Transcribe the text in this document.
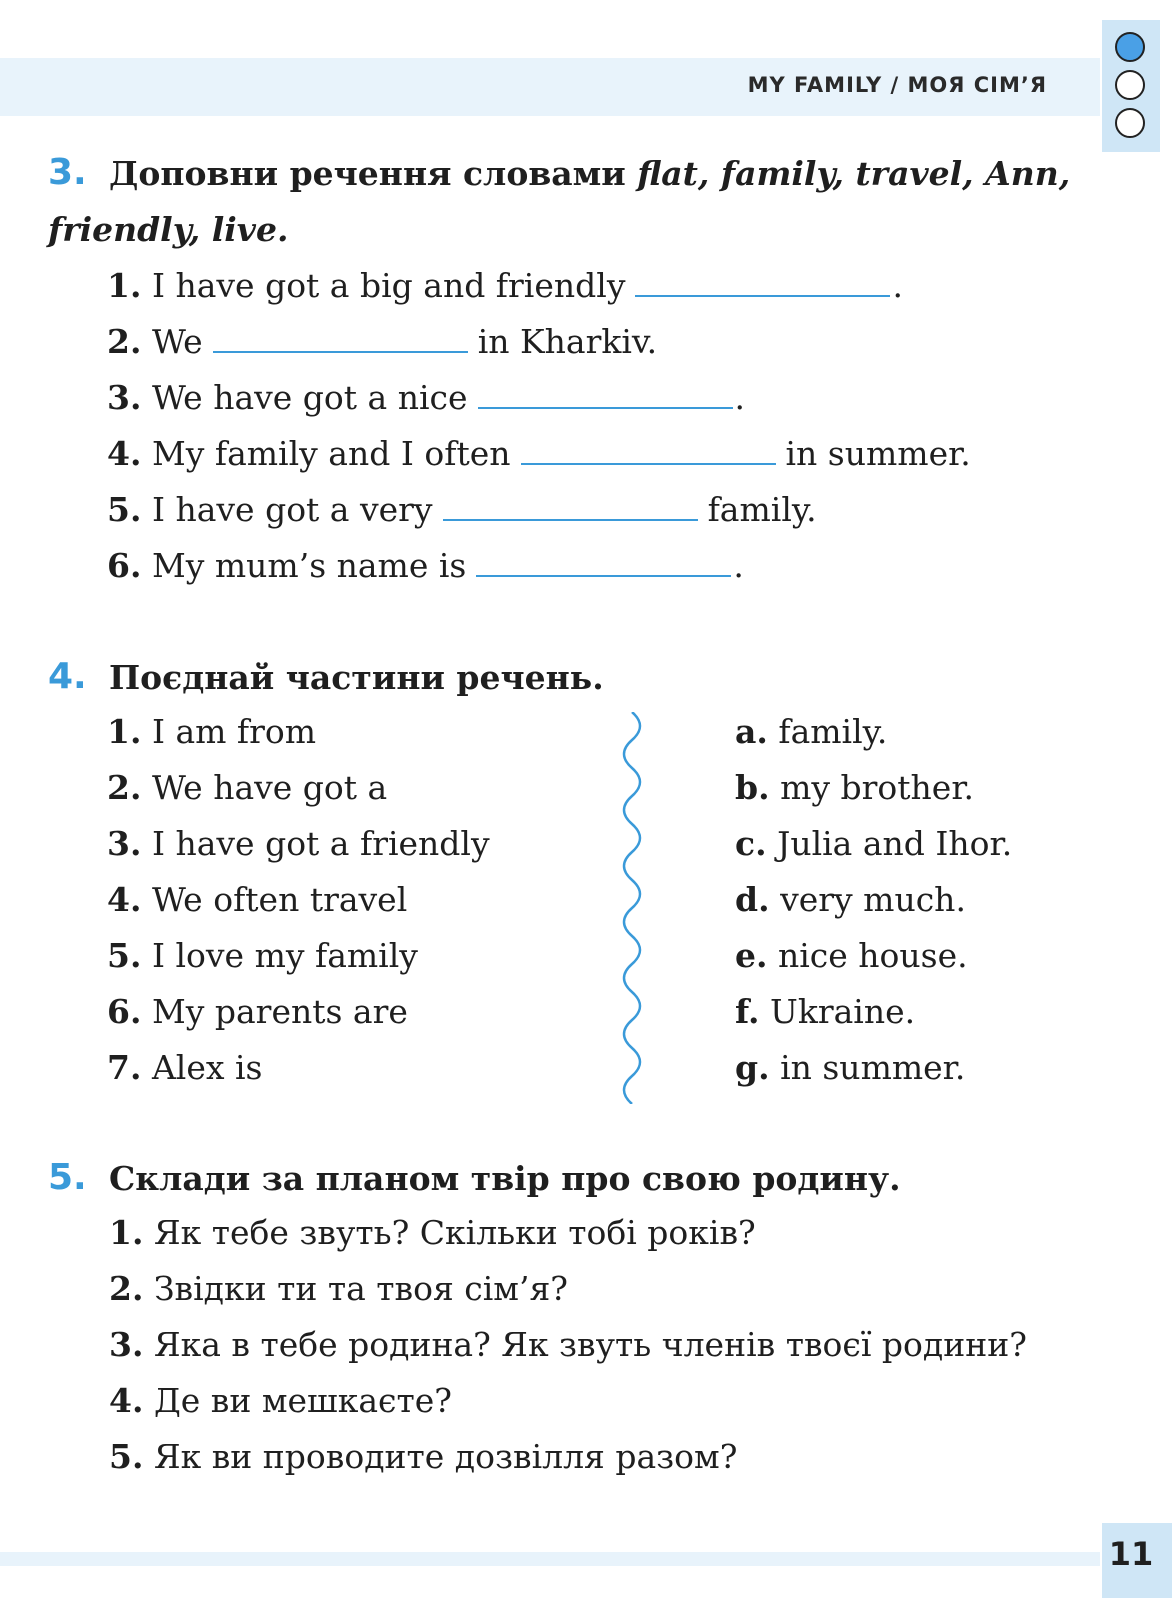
MY FAMILY / МОЯ СІМ’Я
3. Доповни речення словами flat, family, travel, Ann,
friendly, live.
1. I have got a big and friendly	.
2. We	in Kharkiv.
3. We have got a nice	.
4. My family and I often	in summer.
5. I have got a very	family.
6. My mum’s name is	.
4. Поєднай частини речень.
1. I am from
2. We have got a
3. I have got a friendly
4. We often travel
5. I love my family
6. My parents are
7. Alex is
a. family.
b. my brother.
c. Julia and Ihor.
d. very much.
e. nice house.
f. Ukraine.
g. in summer.
5. Склади за планом твір про свою родину.
1. Як тебе звуть? Скільки тобі років?
2. Звідки ти та твоя сім’я?
3. Яка в тебе родина? Як звуть членів твоєї родини?
4. Де ви мешкаєте?
5. Як ви проводите дозвілля разом?
11
